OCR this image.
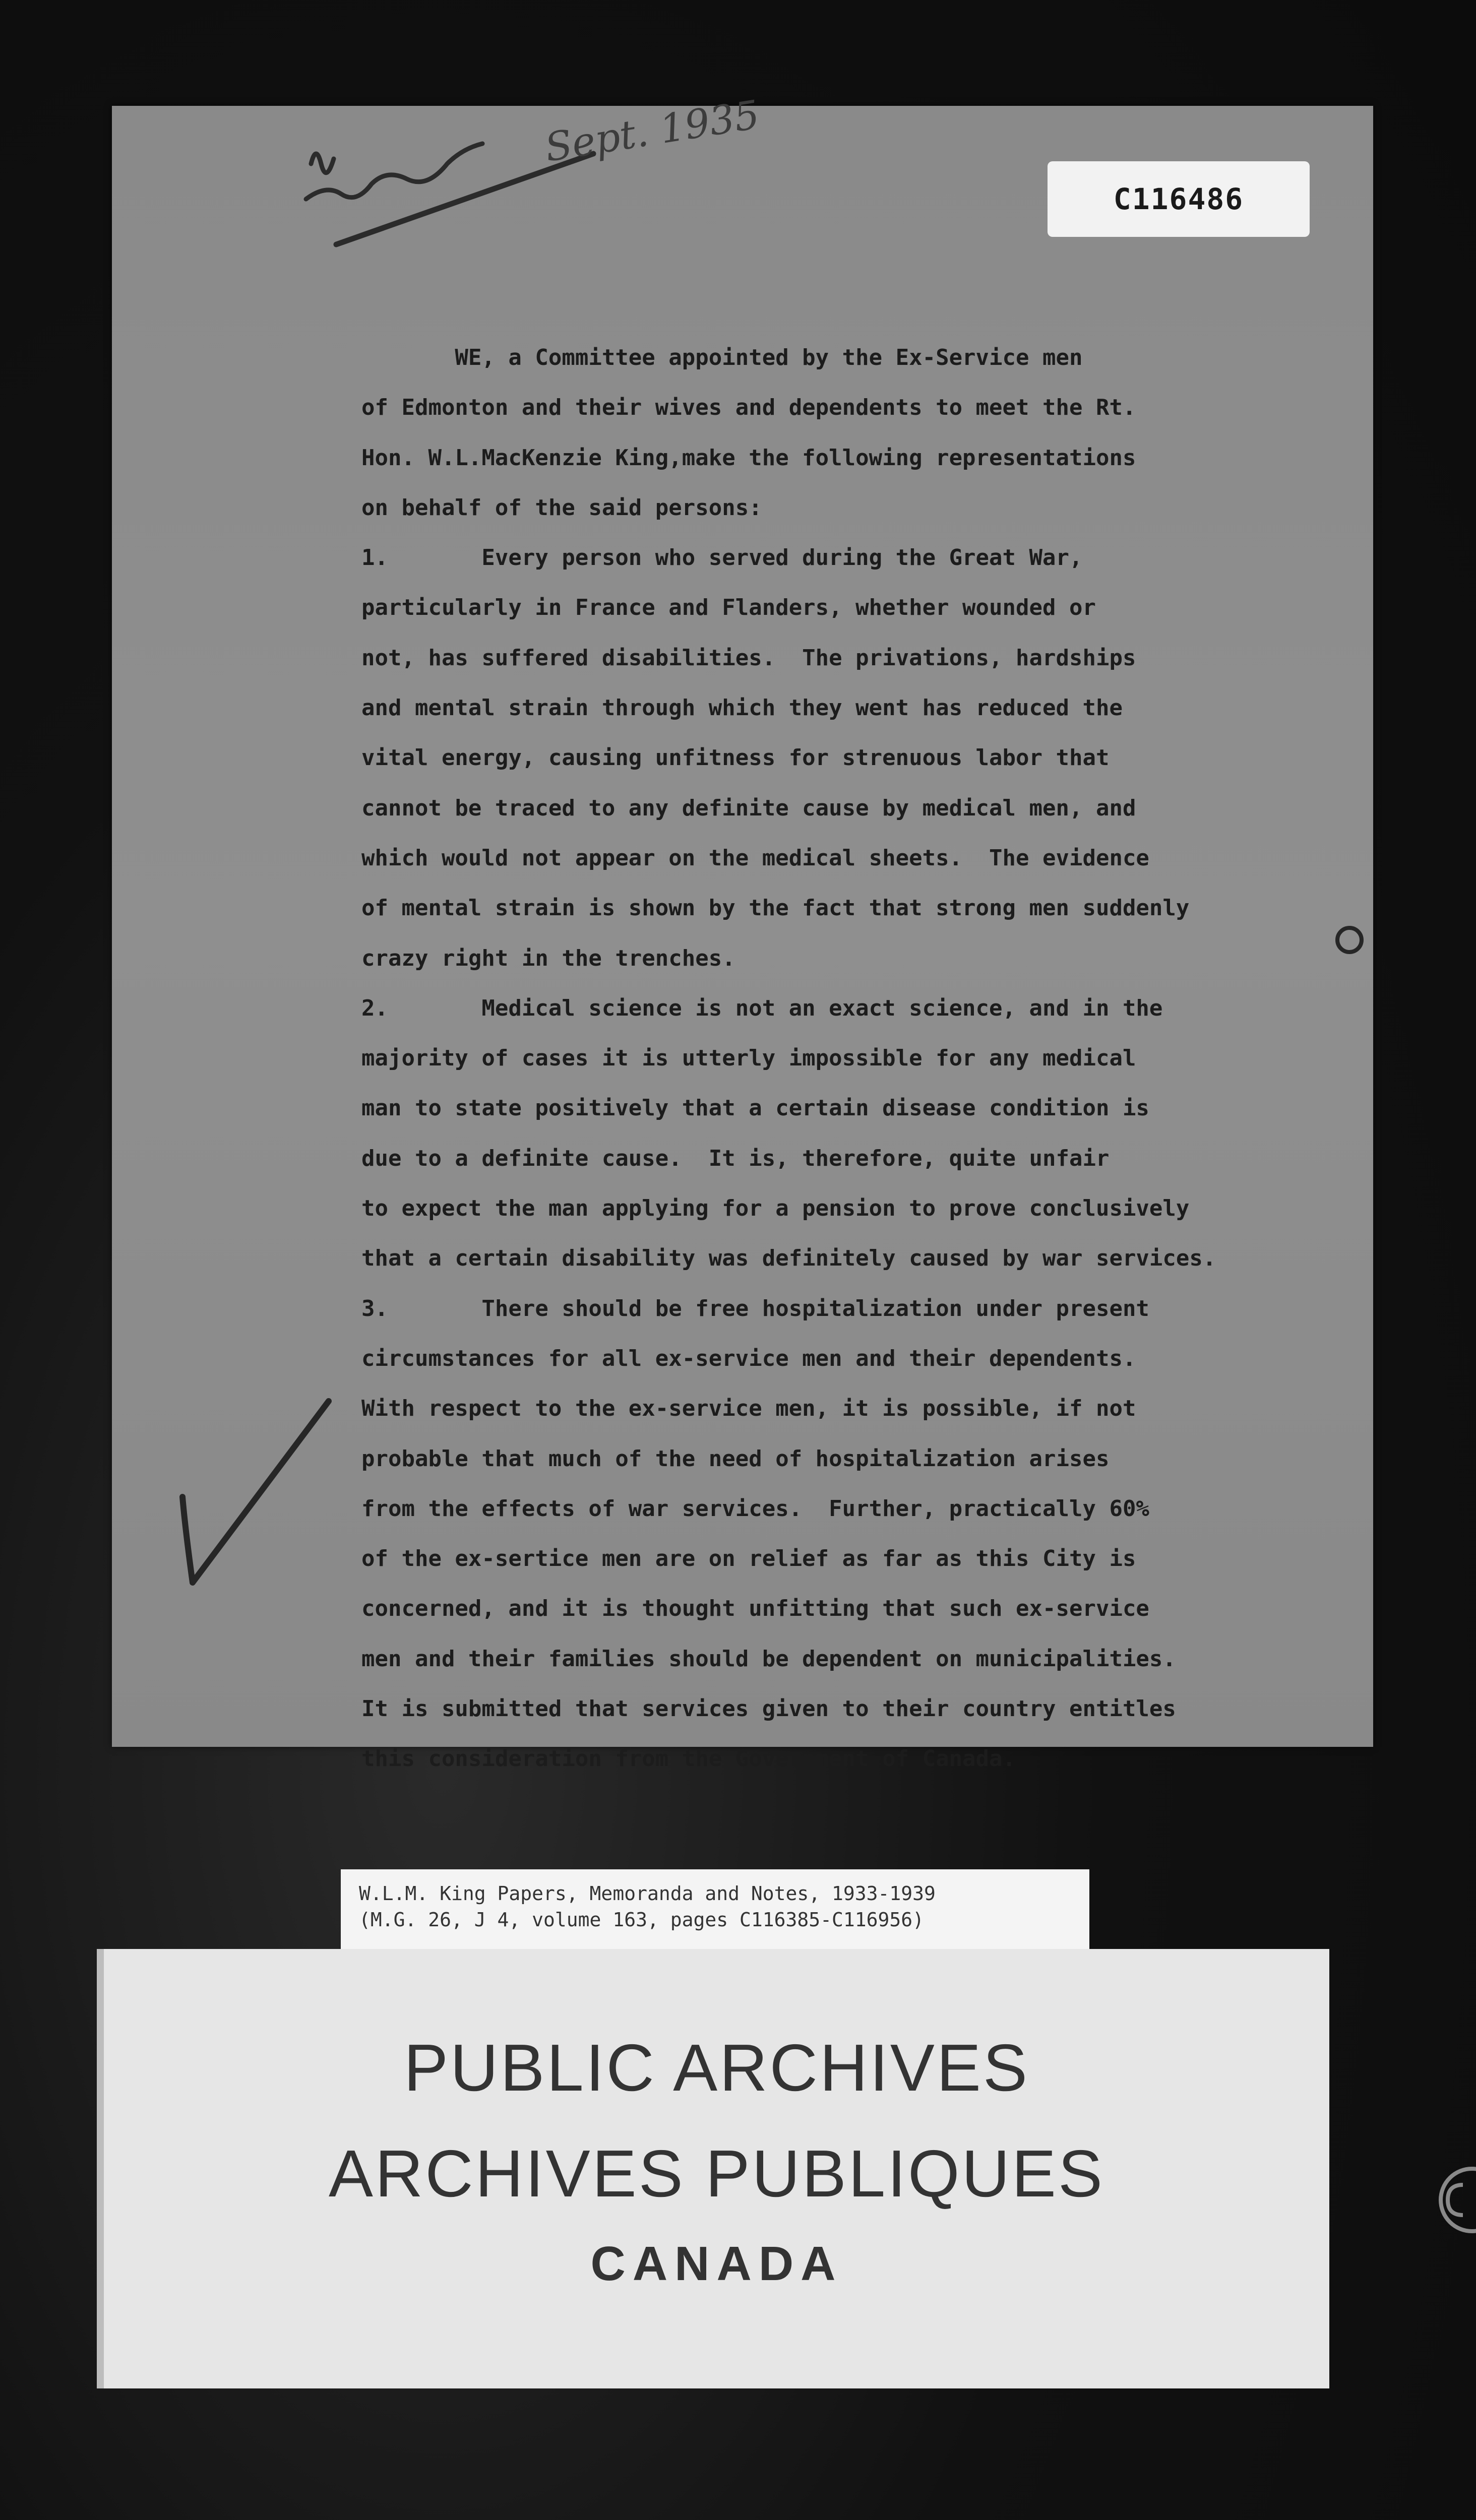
Sept. 1935
C116486
WE, a Committee appointed by the Ex-Service men
of Edmonton and their wives and dependents to meet the Rt.
Hon. W.L.MacKenzie King,make the following representations
on behalf of the said persons:
1.       Every person who served during the Great War,
particularly in France and Flanders, whether wounded or
not, has suffered disabilities.  The privations, hardships
and mental strain through which they went has reduced the
vital energy, causing unfitness for strenuous labor that
cannot be traced to any definite cause by medical men, and
which would not appear on the medical sheets.  The evidence
of mental strain is shown by the fact that strong men suddenly
crazy right in the trenches.
2.       Medical science is not an exact science, and in the
majority of cases it is utterly impossible for any medical
man to state positively that a certain disease condition is
due to a definite cause.  It is, therefore, quite unfair
to expect the man applying for a pension to prove conclusively
that a certain disability was definitely caused by war services.
3.       There should be free hospitalization under present
circumstances for all ex-service men and their dependents.
With respect to the ex-service men, it is possible, if not
probable that much of the need of hospitalization arises
from the effects of war services.  Further, practically 60%
of the ex-sertice men are on relief as far as this City is
concerned, and it is thought unfitting that such ex-service
men and their families should be dependent on municipalities.
It is submitted that services given to their country entitles
this consideration from the Government of Canada.
W.L.M. King Papers, Memoranda and Notes, 1933-1939
(M.G. 26, J 4, volume 163, pages C116385-C116956)
PUBLIC ARCHIVES
ARCHIVES PUBLIQUES
CANADA
